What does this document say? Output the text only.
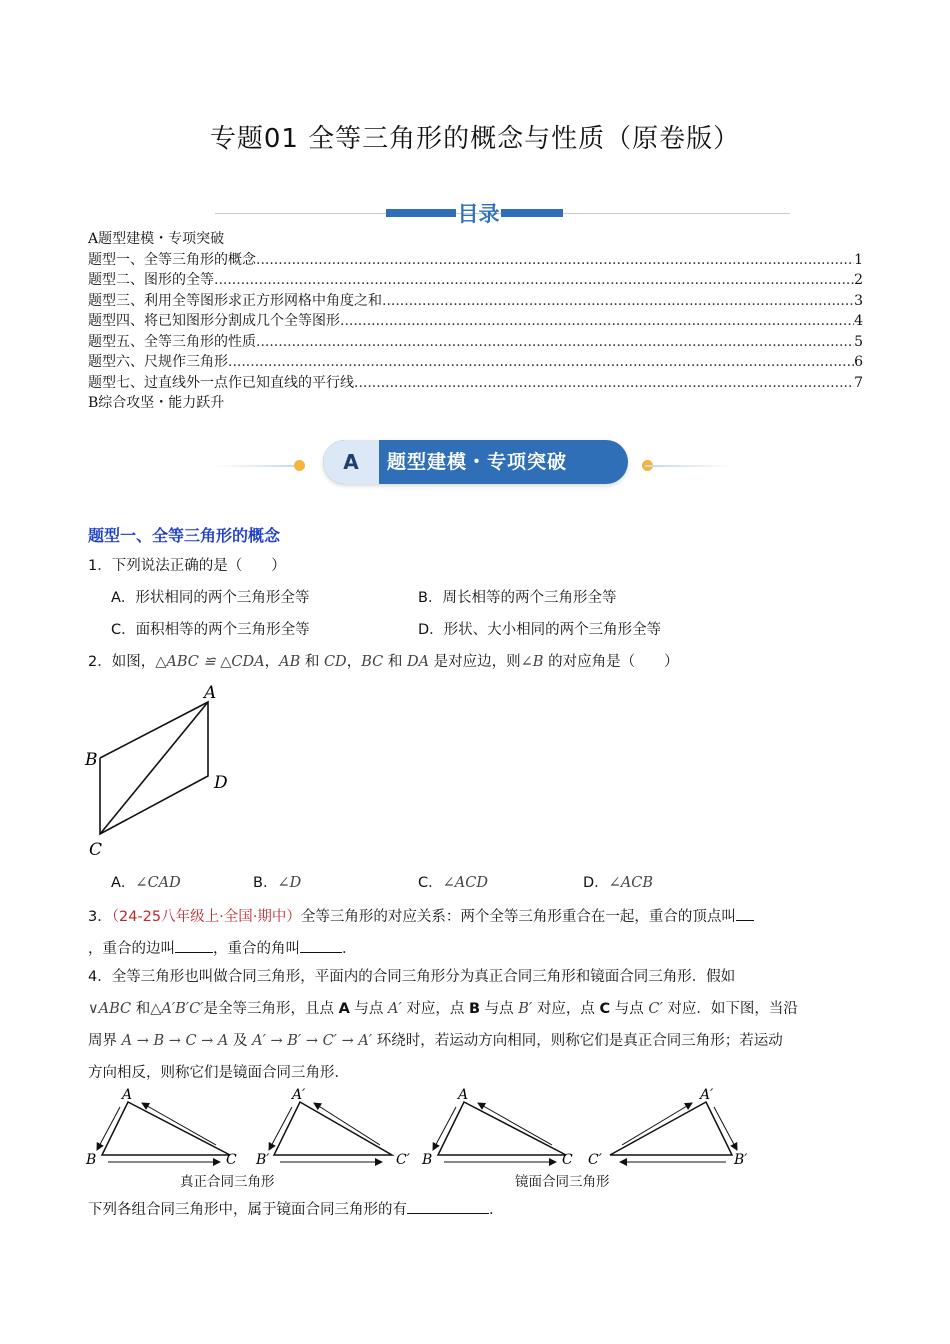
专题01 全等三角形的概念与性质（原卷版）
目录
A题型建模・专项突破
题型一、全等三角形的概念 .....	1
题型二、图形的全等 .....	2
题型三、利用全等图形求正方形网格中角度之和 .....	3
题型四、将已知图形分割成几个全等图形 .....	4
题型五、全等三角形的性质 .....	5
题型六、尺规作三角形 .....	6
题型七、过直线外一点作已知直线的平行线 .....	7
B综合攻坚・能力跃升
A	题型建模・专项突破
题型一、全等三角形的概念
1．下列说法正确的是（　　）
A．形状相同的两个三角形全等	B．周长相等的两个三角形全等
C．面积相等的两个三角形全等	D．形状、大小相同的两个三角形全等
2．如图，△ABC ≌ △CDA，AB 和 CD，BC 和 DA 是对应边，则∠B 的对应角是（　　）
A
B
D
C
A．∠CAD	B．∠D	C．∠ACD	D．∠ACB
3．（24-25八年级上·全国·期中）全等三角形的对应关系：两个全等三角形重合在一起，重合的顶点叫
，重合的边叫	，重合的角叫	．
4．全等三角形也叫做合同三角形，平面内的合同三角形分为真正合同三角形和镜面合同三角形．假如
∨ABC 和△A′B′C′是全等三角形，且点 A 与点 A′ 对应，点 B 与点 B′ 对应，点 C 与点 C′ 对应．如下图，当沿
周界 A → B → C → A 及 A′ → B′ → C′ → A′ 环绕时，若运动方向相同，则称它们是真正合同三角形；若运动
方向相反，则称它们是镜面合同三角形．
A
B	C
A′
B′	C′
A
B	C
A′
B′
C′
真正合同三角形	镜面合同三角形
下列各组合同三角形中，属于镜面合同三角形的有	．
